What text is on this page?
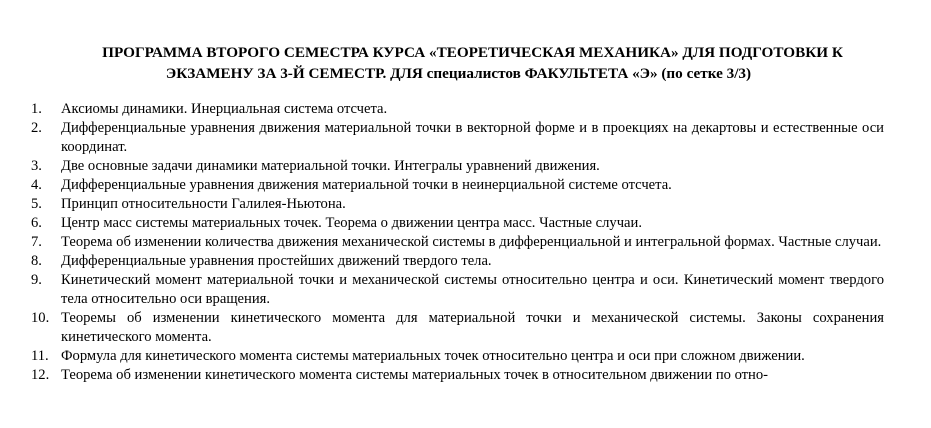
ПРОГРАММА ВТОРОГО СЕМЕСТРА КУРСА «ТЕОРЕТИЧЕСКАЯ МЕХАНИКА» ДЛЯ ПОДГОТОВКИ К
ЭКЗАМЕНУ ЗА 3-Й СЕМЕСТР. ДЛЯ специалистов ФАКУЛЬТЕТА «Э» (по сетке 3/3)
1. Аксиомы динамики. Инерциальная система отсчета.
2. Дифференциальные уравнения движения материальной точки в векторной форме и в проекциях на декартовы и естественные оси координат.
3. Две основные задачи динамики материальной точки. Интегралы уравнений движения.
4. Дифференциальные уравнения движения материальной точки в неинерциальной системе отсчета.
5. Принцип относительности Галилея-Ньютона.
6. Центр масс системы материальных точек. Теорема о движении центра масс. Частные случаи.
7. Теорема об изменении количества движения механической системы в дифференциальной и интегральной формах. Частные случаи.
8. Дифференциальные уравнения простейших движений твердого тела.
9. Кинетический момент материальной точки и механической системы относительно центра и оси. Кинетический момент твердого тела относительно оси вращения.
10. Теоремы об изменении кинетического момента для материальной точки и механической системы. Законы сохранения кинетического момента.
11. Формула для кинетического момента системы материальных точек относительно центра и оси при сложном движении.
12. Теорема об изменении кинетического момента системы материальных точек в относительном движении по отно-
